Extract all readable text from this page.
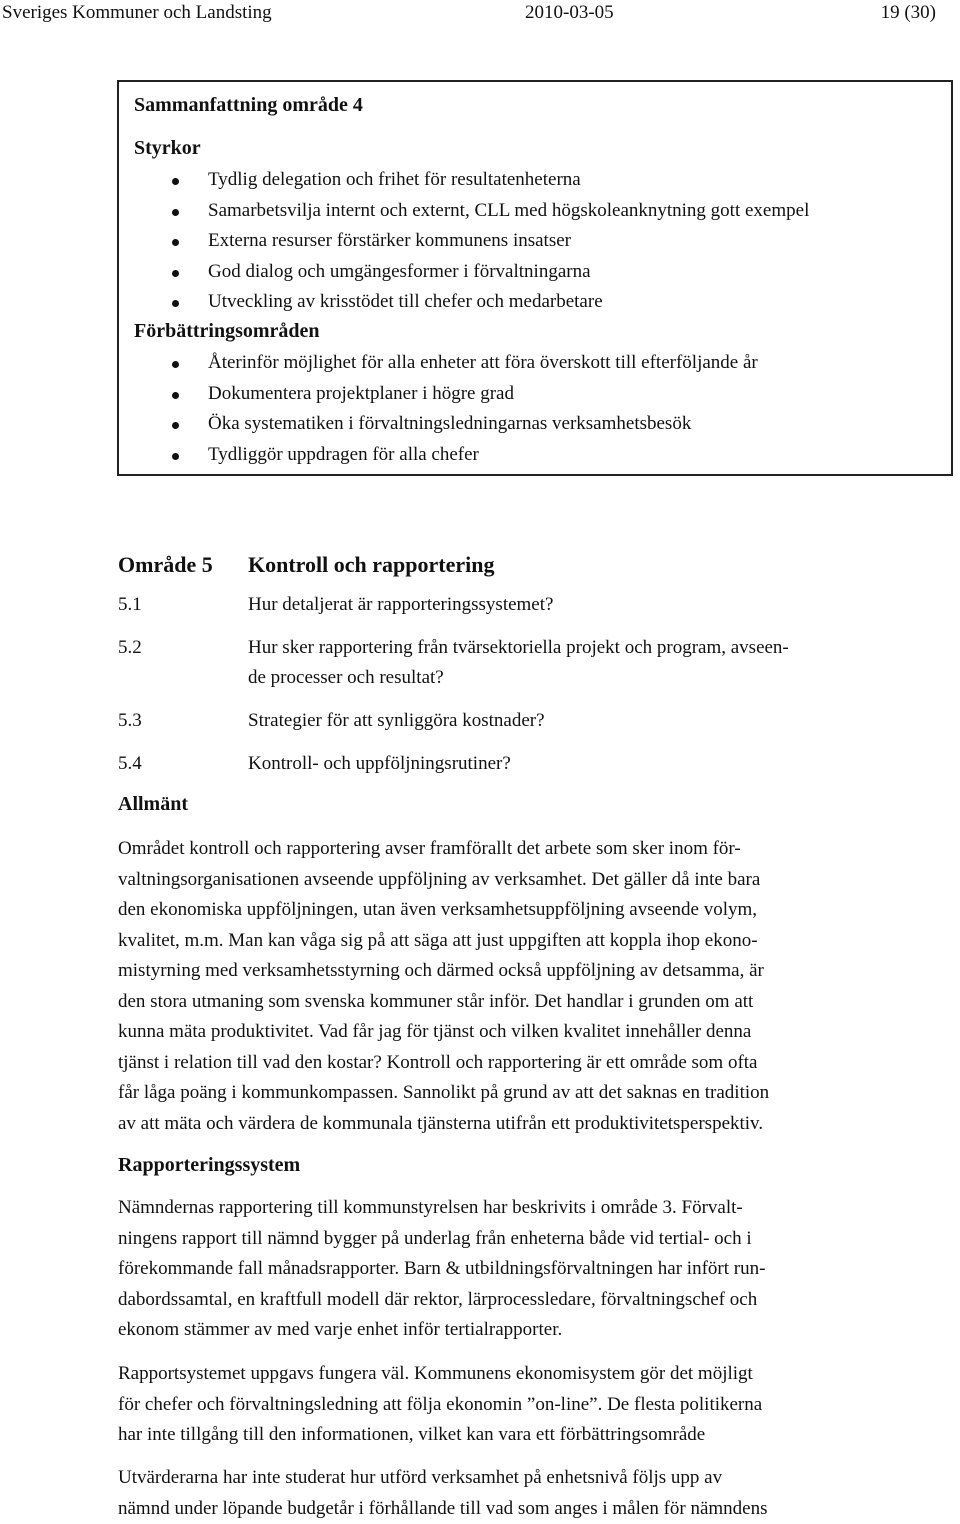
Sveriges Kommuner och Landsting	2010-03-05	19 (30)
Sammanfattning område 4
Styrkor
Tydlig delegation och frihet för resultatenheterna
Samarbetsvilja internt och externt, CLL med högskoleanknytning gott exempel
Externa resurser förstärker kommunens insatser
God dialog och umgängesformer i förvaltningarna
Utveckling av krisstödet till chefer och medarbetare
Förbättringsområden
Återinför möjlighet för alla enheter att föra överskott till efterföljande år
Dokumentera projektplaner i högre grad
Öka systematiken i förvaltningsledningarnas verksamhetsbesök
Tydliggör uppdragen för alla chefer
Område 5 Kontroll och rapportering
5.1	Hur detaljerat är rapporteringssystemet?
5.2	Hur sker rapportering från tvärsektoriella projekt och program, avseen-
de processer och resultat?
5.3	Strategier för att synliggöra kostnader?
5.4	Kontroll- och uppföljningsrutiner?
Allmänt

Området kontroll och rapportering avser framförallt det arbete som sker inom för-
valtningsorganisationen avseende uppföljning av verksamhet. Det gäller då inte bara
den ekonomiska uppföljningen, utan även verksamhetsuppföljning avseende volym,
kvalitet, m.m. Man kan våga sig på att säga att just uppgiften att koppla ihop ekono-
mistyrning med verksamhetsstyrning och därmed också uppföljning av detsamma, är
den stora utmaning som svenska kommuner står inför. Det handlar i grunden om att
kunna mäta produktivitet. Vad får jag för tjänst och vilken kvalitet innehåller denna
tjänst i relation till vad den kostar? Kontroll och rapportering är ett område som ofta
får låga poäng i kommunkompassen. Sannolikt på grund av att det saknas en tradition
av att mäta och värdera de kommunala tjänsterna utifrån ett produktivitetsperspektiv.

Rapporteringssystem

Nämndernas rapportering till kommunstyrelsen har beskrivits i område 3. Förvalt-
ningens rapport till nämnd bygger på underlag från enheterna både vid tertial- och i
förekommande fall månadsrapporter. Barn & utbildningsförvaltningen har infört run-
dabordssamtal, en kraftfull modell där rektor, lärprocessledare, förvaltningschef och
ekonom stämmer av med varje enhet inför tertialrapporter.

Rapportsystemet uppgavs fungera väl. Kommunens ekonomisystem gör det möjligt
för chefer och förvaltningsledning att följa ekonomin ”on-line”. De flesta politikerna
har inte tillgång till den informationen, vilket kan vara ett förbättringsområde

Utvärderarna har inte studerat hur utförd verksamhet på enhetsnivå följs upp av
nämnd under löpande budgetår i förhållande till vad som anges i målen för nämndens
